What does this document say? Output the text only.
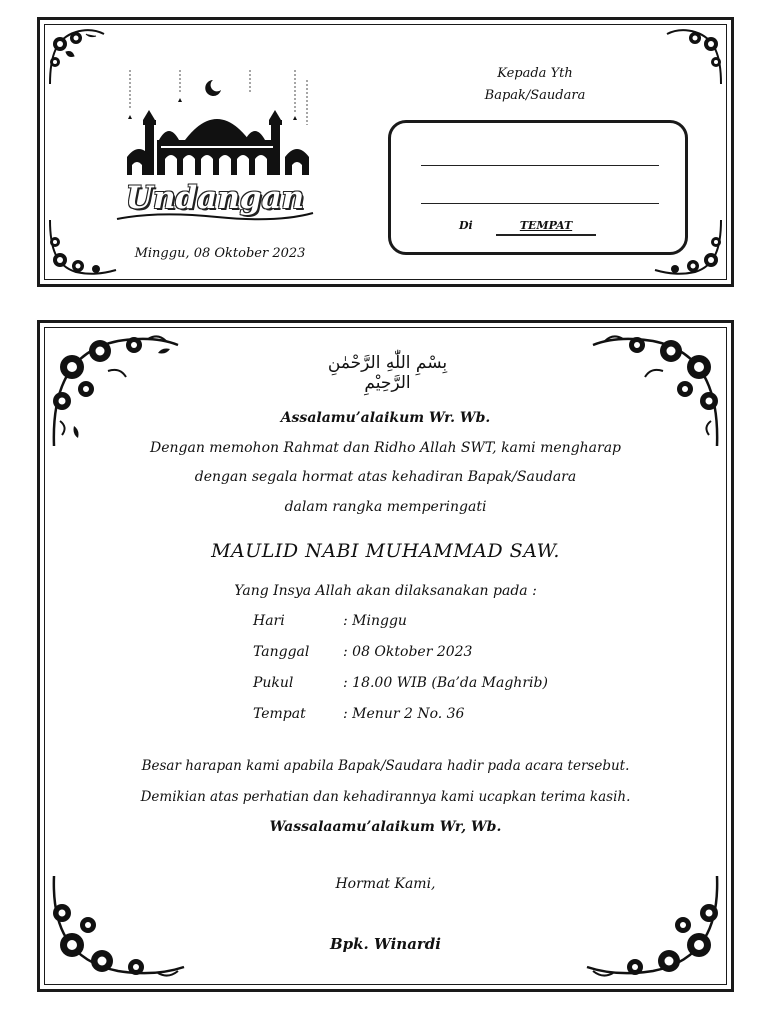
Undangan
Minggu, 08 Oktober 2023
Kepada Yth
Bapak/Saudara
Di	TEMPAT
بِسْمِ اللّٰهِ الرَّحْمٰنِ الرَّحِيْمِ
Assalamu’alaikum Wr. Wb.
Dengan memohon Rahmat dan Ridho Allah SWT, kami mengharap
dengan segala hormat atas kehadiran Bapak/Saudara
dalam rangka memperingati
MAULID NABI MUHAMMAD SAW.
Yang Insya Allah akan dilaksanakan pada :
Hari	: Minggu
Tanggal : 08 Oktober 2023
Pukul	: 18.00 WIB (Ba’da Maghrib)
Tempat	: Menur 2 No. 36
Besar harapan kami apabila Bapak/Saudara hadir pada acara tersebut.
Demikian atas perhatian dan kehadirannya kami ucapkan terima kasih.
Wassalaamu’alaikum Wr, Wb.
Hormat Kami,
Bpk. Winardi
